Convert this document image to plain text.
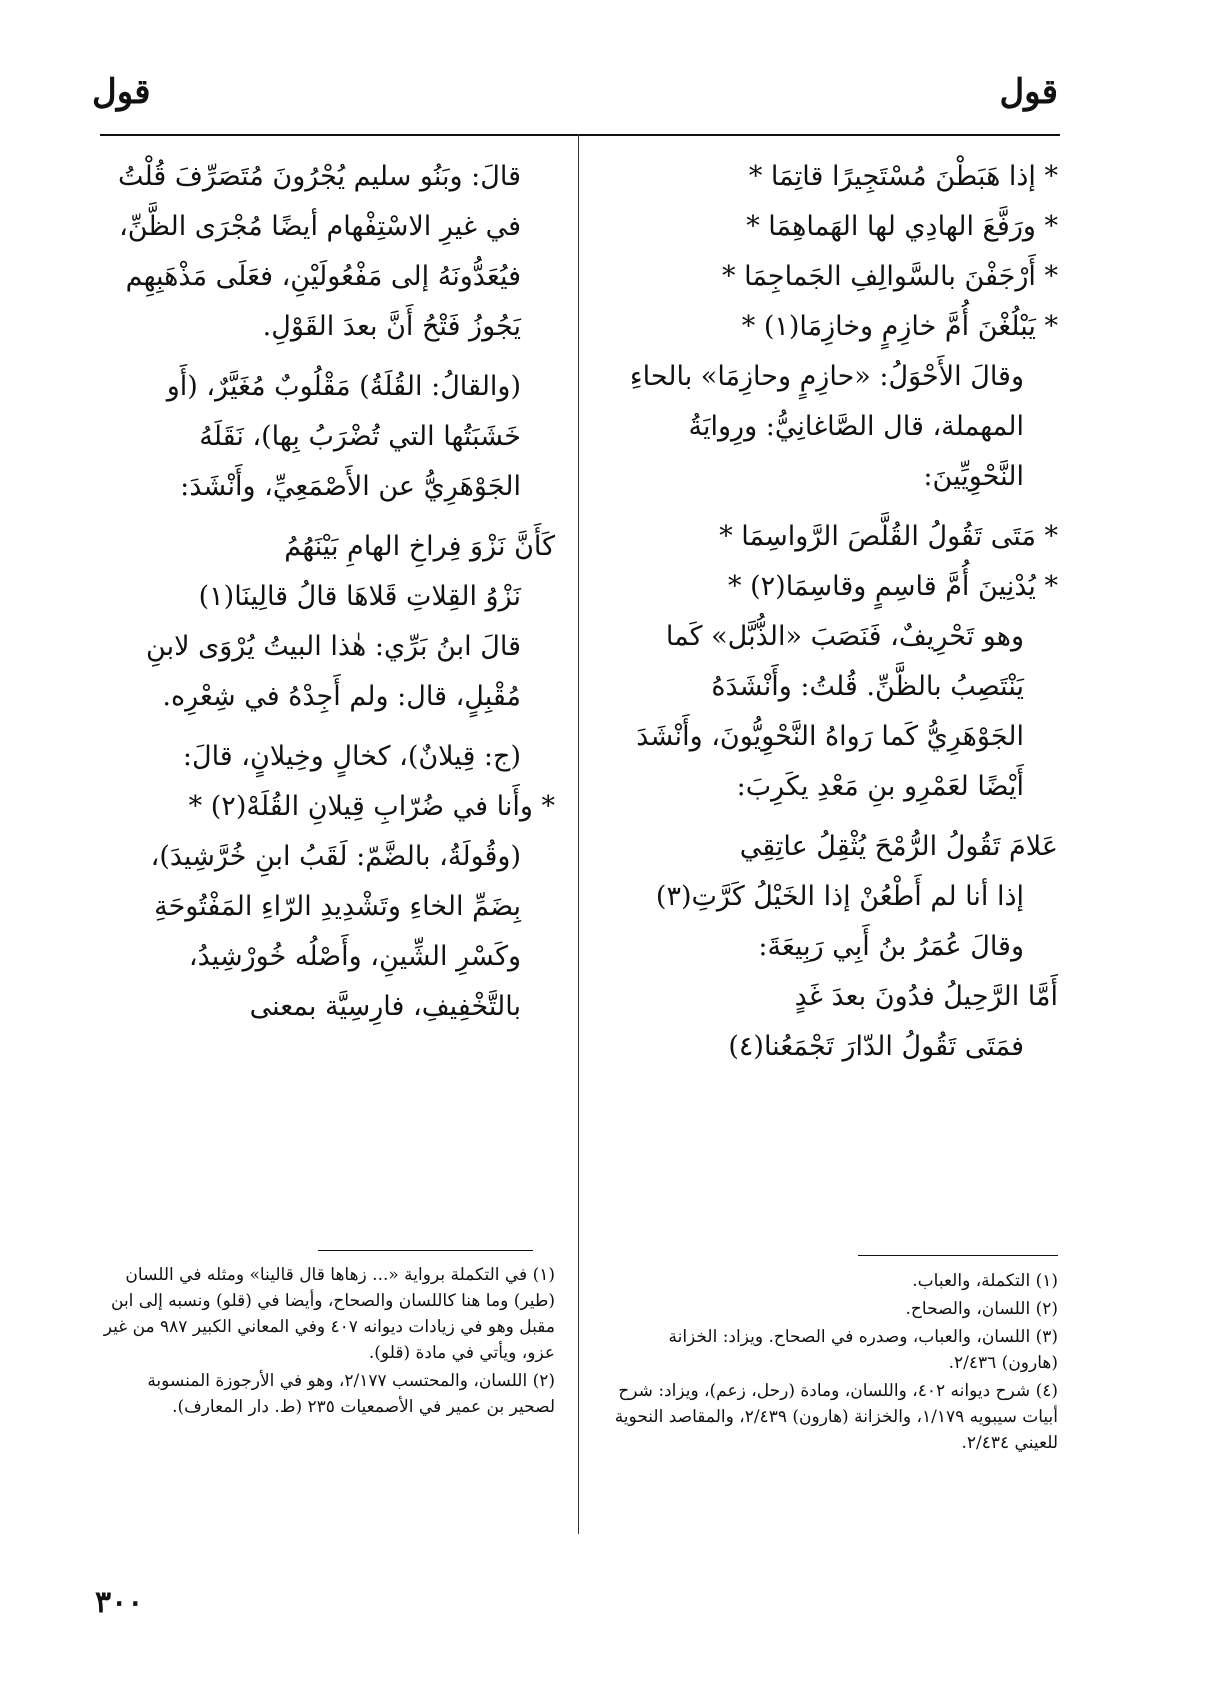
قول
قول
* إذا هَبَطْنَ مُسْتَجِيرًا قاتِمَا *
* ورَفَّعَ الهادِي لها الهَماهِمَا *
* أَرْجَفْنَ بالسَّوالِفِ الجَماجِمَا *
* يَبْلُغْنَ أُمَّ خازِمٍ وخازِمَا(١) *

وقالَ الأَحْوَلُ: «حازِمٍ وحازِمَا» بالحاءِ المهملة، قال الصَّاغانِيُّ: ورِوايَةُ النَّحْوِيِّينَ:

* مَتَى تَقُولُ القُلَّصَ الرَّواسِمَا *
* يُدْنِينَ أُمَّ قاسِمٍ وقاسِمَا(٢) *

وهو تَحْرِيفٌ، فَنَصَبَ «الذُّبَّل» كَما يَنْتَصِبُ بالظَّنِّ. قُلتُ: وأَنْشَدَهُ الجَوْهَرِيُّ كَما رَواهُ النَّحْوِيُّونَ، وأَنْشَدَ أَيْضًا لعَمْرِو بنِ مَعْدِ يكَرِبَ:

عَلامَ تَقُولُ الرُّمْحَ يُثْقِلُ عاتِقِي
إذا أنا لم أَطْعُنْ إذا الخَيْلُ كَرَّتِ(٣)
وقالَ عُمَرُ بنُ أَبِي رَبِيعَةَ:
أَمَّا الرَّحِيلُ فدُونَ بعدَ غَدٍ
فمَتَى تَقُولُ الدّارَ تَجْمَعُنا(٤)

قالَ: وبَنُو سليم يُجْرُونَ مُتَصَرِّفَ قُلْتُ في غيرِ الاسْتِفْهام أيضًا مُجْرَى الظَّنِّ، فيُعَدُّونَهُ إلى مَفْعُولَيْنِ، فعَلَى مَذْهَبِهِم يَجُوزُ فَتْحُ أَنَّ بعدَ القَوْلِ.

(والقالُ: القُلَةُ) مَقْلُوبٌ مُغَيَّرٌ، (أَو خَشَبَتُها التي تُضْرَبُ بِها)، نَقَلَهُ الجَوْهَرِيُّ عن الأَصْمَعِيِّ، وأَنْشَدَ:

كَأَنَّ نَزْوَ فِراخِ الهامِ بَيْنَهُمُ
نَزْوُ القِلاتِ قَلاهَا قالُ قالِينَا(١)

قالَ ابنُ بَرِّي: هٰذا البيتُ يُرْوَى لابنِ مُقْبِلٍ، قال: ولم أَجِدْهُ في شِعْرِه.

(ج: قِيلانٌ)، كخالٍ وخِيلانٍ، قالَ:
* وأَنا في ضُرّابِ قِيلانِ القُلَهْ(٢) *

(وقُولَةُ، بالضَّمّ: لَقَبُ ابنِ خُرَّشِيدَ)، بِضَمِّ الخاءِ وتَشْدِيدِ الرّاءِ المَفْتُوحَةِ وكَسْرِ الشِّينِ، وأَصْلُه خُورْشِيدُ، بالتَّخْفِيفِ، فارِسِيَّة بمعنى

(١) التكملة، والعباب.

(٢) اللسان، والصحاح.

(٣) اللسان، والعباب، وصدره في الصحاح. ويزاد: الخزانة (هارون) ٢/٤٣٦.

(٤) شرح ديوانه ٤٠٢، واللسان، ومادة (رحل، زعم)، ويزاد: شرح أبيات سيبويه ١/١٧٩، والخزانة (هارون) ٢/٤٣٩، والمقاصد النحوية للعيني ٢/٤٣٤.

(١) في التكملة برواية «... زهاها قال قالينا» ومثله في اللسان (طير) وما هنا كاللسان والصحاح، وأيضا في (قلو) ونسبه إلى ابن مقبل وهو في زيادات ديوانه ٤٠٧ وفي المعاني الكبير ٩٨٧ من غير عزو، ويأتي في مادة (قلو).

(٢) اللسان، والمحتسب ٢/١٧٧، وهو في الأرجوزة المنسوبة لصحير بن عمير في الأصمعيات ٢٣٥ (ط. دار المعارف).

٣٠٠
